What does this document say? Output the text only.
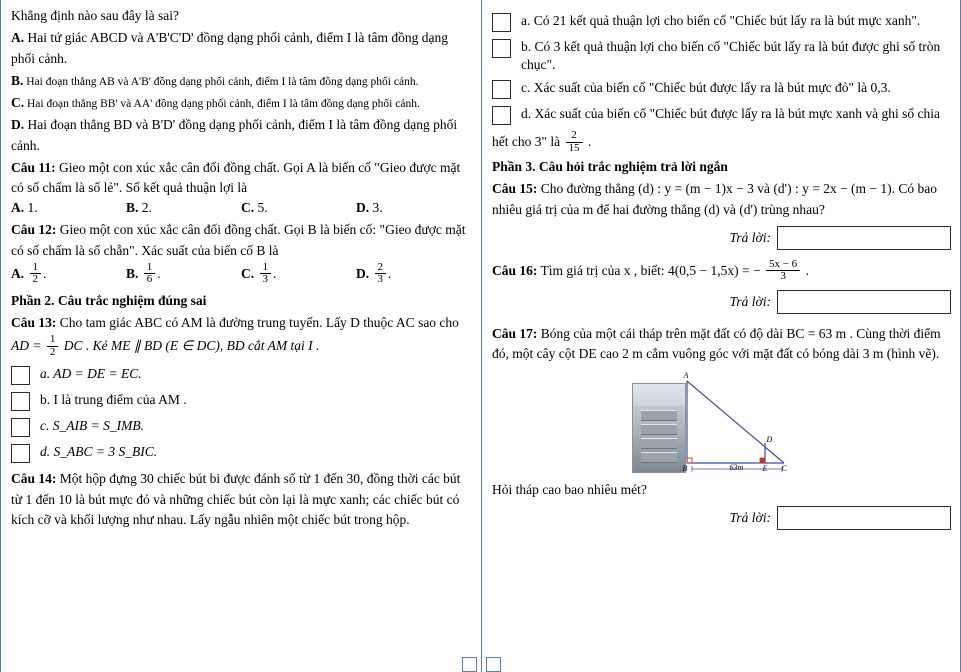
Khẳng định nào sau đây là sai?

A. Hai tứ giác ABCD và A'B'C'D' đồng dạng phối cảnh, điểm I là tâm đồng dạng phối cảnh.

B. Hai đoạn thẳng AB và A'B' đồng dạng phối cảnh, điểm I là tâm đồng dạng phối cảnh.

C. Hai đoạn thẳng BB' và AA' đồng dạng phối cảnh, điểm I là tâm đồng dạng phối cảnh.

D. Hai đoạn thẳng BD và B'D' đồng dạng phối cảnh, điểm I là tâm đồng dạng phối cảnh.

Câu 11: Gieo một con xúc xắc cân đối đồng chất. Gọi A là biến cố "Gieo được mặt có số chấm là số lẻ". Số kết quả thuận lợi là

A. 1.	B. 2.	C. 5.	D. 3.

Câu 12: Gieo một con xúc xắc cân đối đồng chất. Gọi B là biến cố: "Gieo được mặt có số chấm là số chẵn". Xác suất của biến cố B là

A. $\frac{1}{2}$ .	B. $\frac{1}{6}$ .	C. $\frac{1}{3}$ .	D. $\frac{2}{3}$ .

Phần 2. Câu trắc nghiệm đúng sai

Câu 13: Cho tam giác ABC có AM là đường trung tuyến. Lấy D thuộc AC sao cho

AD = $\frac{1}{2}$ DC . Kẻ ME ∥ BD (E ∈ DC), BD cắt AM tại I .

a. AD = DE = EC.
b. I là trung điểm của AM .
c. S_AIB = S_IMB.
d. S_ABC = 3 S_BIC.

Câu 14: Một hộp đựng 30 chiếc bút bi được đánh số từ 1 đến 30, đồng thời các bút từ 1 đến 10 là bút mực đỏ và những chiếc bút còn lại là mực xanh; các chiếc bút có kích cỡ và khối lượng như nhau. Lấy ngẫu nhiên một chiếc bút trong hộp.

a. Có 21 kết quả thuận lợi cho biến cố "Chiếc bút lấy ra là bút mực xanh".
b. Có 3 kết quả thuận lợi cho biến cố "Chiếc bút lấy ra là bút được ghi số tròn chục".
c. Xác suất của biến cố "Chiếc bút được lấy ra là bút mực đỏ" là 0,3.
d. Xác suất của biến cố "Chiếc bút được lấy ra là bút mực xanh và ghi số chia

hết cho 3" là $\frac{2}{15}$ .

Phần 3. Câu hỏi trắc nghiệm trả lời ngắn

Câu 15: Cho đường thẳng (d) : y = (m − 1)x − 3 và (d') : y = 2x − (m − 1). Có bao nhiêu giá trị của m để hai đường thẳng (d) và (d') trùng nhau?

Trả lời:

Câu 16: Tìm giá trị của x , biết: 4(0,5 − 1,5x) = − $\frac{5x - 6}{3}$ .

Trả lời:

Câu 17: Bóng của một cái tháp trên mặt đất có độ dài BC = 63 m . Cùng thời điểm đó, một cây cột DE cao 2 m cắm vuông góc với mặt đất có bóng dài 3 m (hình vẽ).

A
B	C
D
E
63m

Hỏi tháp cao bao nhiêu mét?

Trả lời:
